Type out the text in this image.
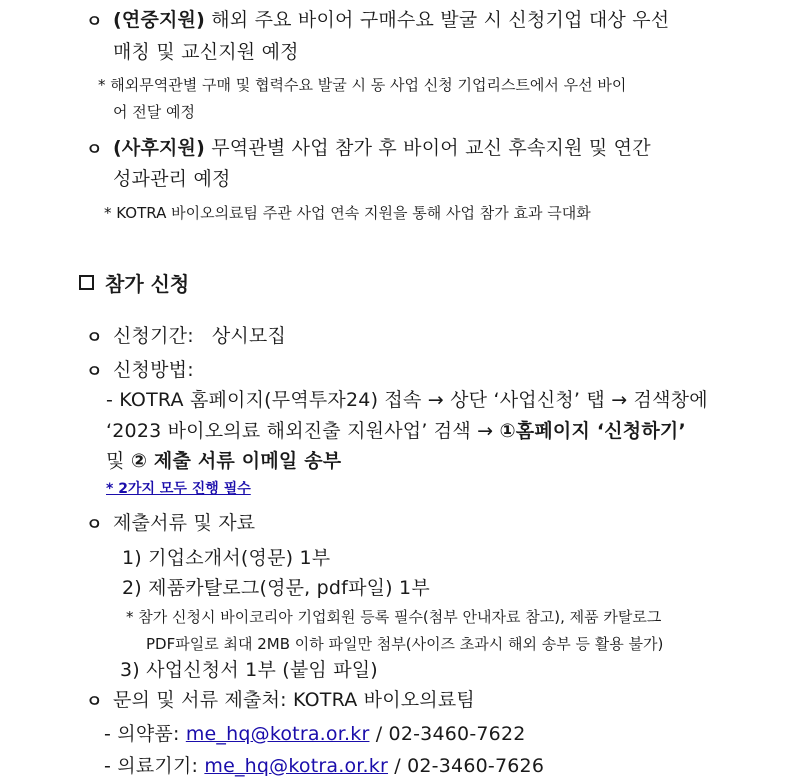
ㅇ (연중지원) 해외 주요 바이어 구매수요 발굴 시 신청기업 대상 우선
매칭 및 교신지원 예정
* 해외무역관별 구매 및 협력수요 발굴 시 동 사업 신청 기업리스트에서 우선 바이
어 전달 예정
ㅇ (사후지원) 무역관별 사업 참가 후 바이어 교신 후속지원 및 연간
성과관리 예정
* KOTRA 바이오의료팀 주관 사업 연속 지원을 통해 사업 참가 효과 극대화
참가 신청
ㅇ 신청기간: 상시모집
ㅇ 신청방법:
- KOTRA 홈페이지(무역투자24) 접속 → 상단 ‘사업신청’ 탭 → 검색창에
‘2023 바이오의료 해외진출 지원사업’ 검색 → ①홈페이지 ‘신청하기’
및 ② 제출 서류 이메일 송부
* 2가지 모두 진행 필수
ㅇ 제출서류 및 자료
1) 기업소개서(영문) 1부
2) 제품카탈로그(영문, pdf파일) 1부
* 참가 신청시 바이코리아 기업회원 등록 필수(첨부 안내자료 참고), 제품 카탈로그
PDF파일로 최대 2MB 이하 파일만 첨부(사이즈 초과시 해외 송부 등 활용 불가)
3) 사업신청서 1부 (붙임 파일)
ㅇ 문의 및 서류 제출처: KOTRA 바이오의료팀
- 의약품: me_hq@kotra.or.kr / 02-3460-7622
- 의료기기: me_hq@kotra.or.kr / 02-3460-7626
